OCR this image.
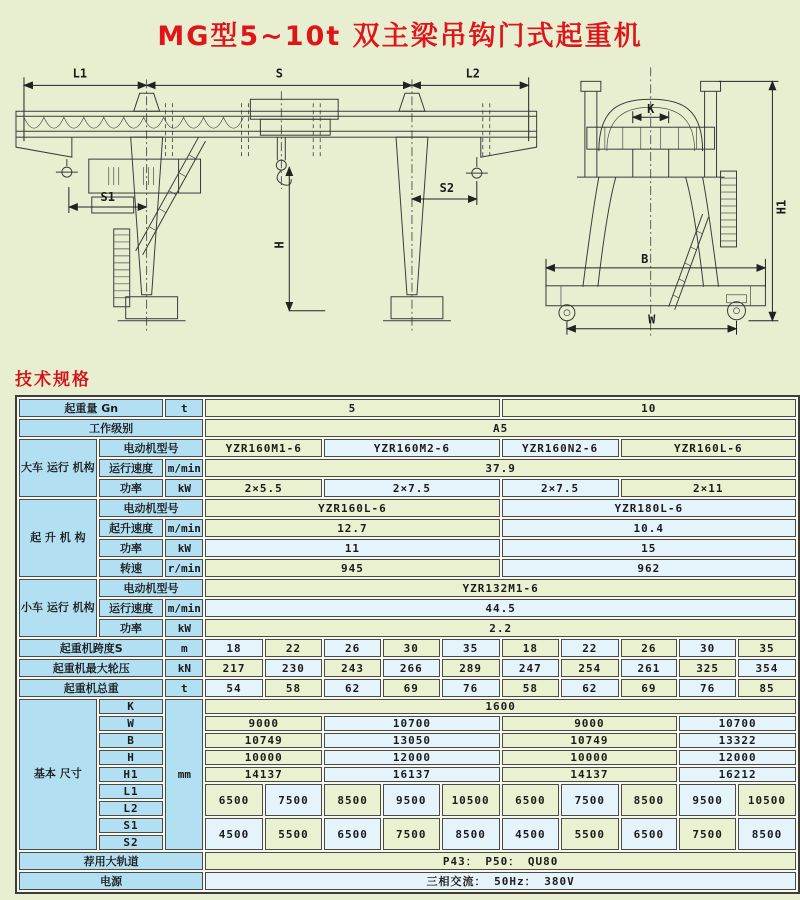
MG型5~10t 双主梁吊钩门式起重机
L1	S	L2
S1
S2
H
K
B
W
H1
技术规格
起重量 Gn		t	5					10				
工作级别			A5									
大车 运行 机构	电动机型号		YZR160M1-6		YZR160M2-6			YZR160N2-6		YZR160L-6		
	运行速度	m/min	37.9									
	功率	kW	2×5.5		2×7.5			2×7.5		2×11		
起 升 机 构	电动机型号		YZR160L-6					YZR180L-6				
	起升速度	m/min	12.7					10.4				
	功率	kW	11					15				
	转速	r/min	945					962				
小车 运行 机构	电动机型号		YZR132M1-6									
	运行速度	m/min	44.5									
	功率	kW	2.2									
起重机跨度S		m	18	22	26	30	35	18	22	26	30	35
起重机最大轮压		kN	217	230	243	266	289	247	254	261	325	354
起重机总重		t	54	58	62	69	76	58	62	69	76	85
基本 尺寸	K	mm	1600									
	W		9000		10700			9000			10700	
	B		10749		13050			10749			13322	
	H		10000		12000			10000			12000	
	H1		14137		16137			14137			16212	
	L1		6500	7500	8500	9500	10500	6500	7500	8500	9500	10500
	L2											
	S1		4500	5500	6500	7500	8500	4500	5500	6500	7500	8500
	S2											
荐用大轨道			P43： P50： QU80									
电源			三相交流： 50Hz： 380V									
